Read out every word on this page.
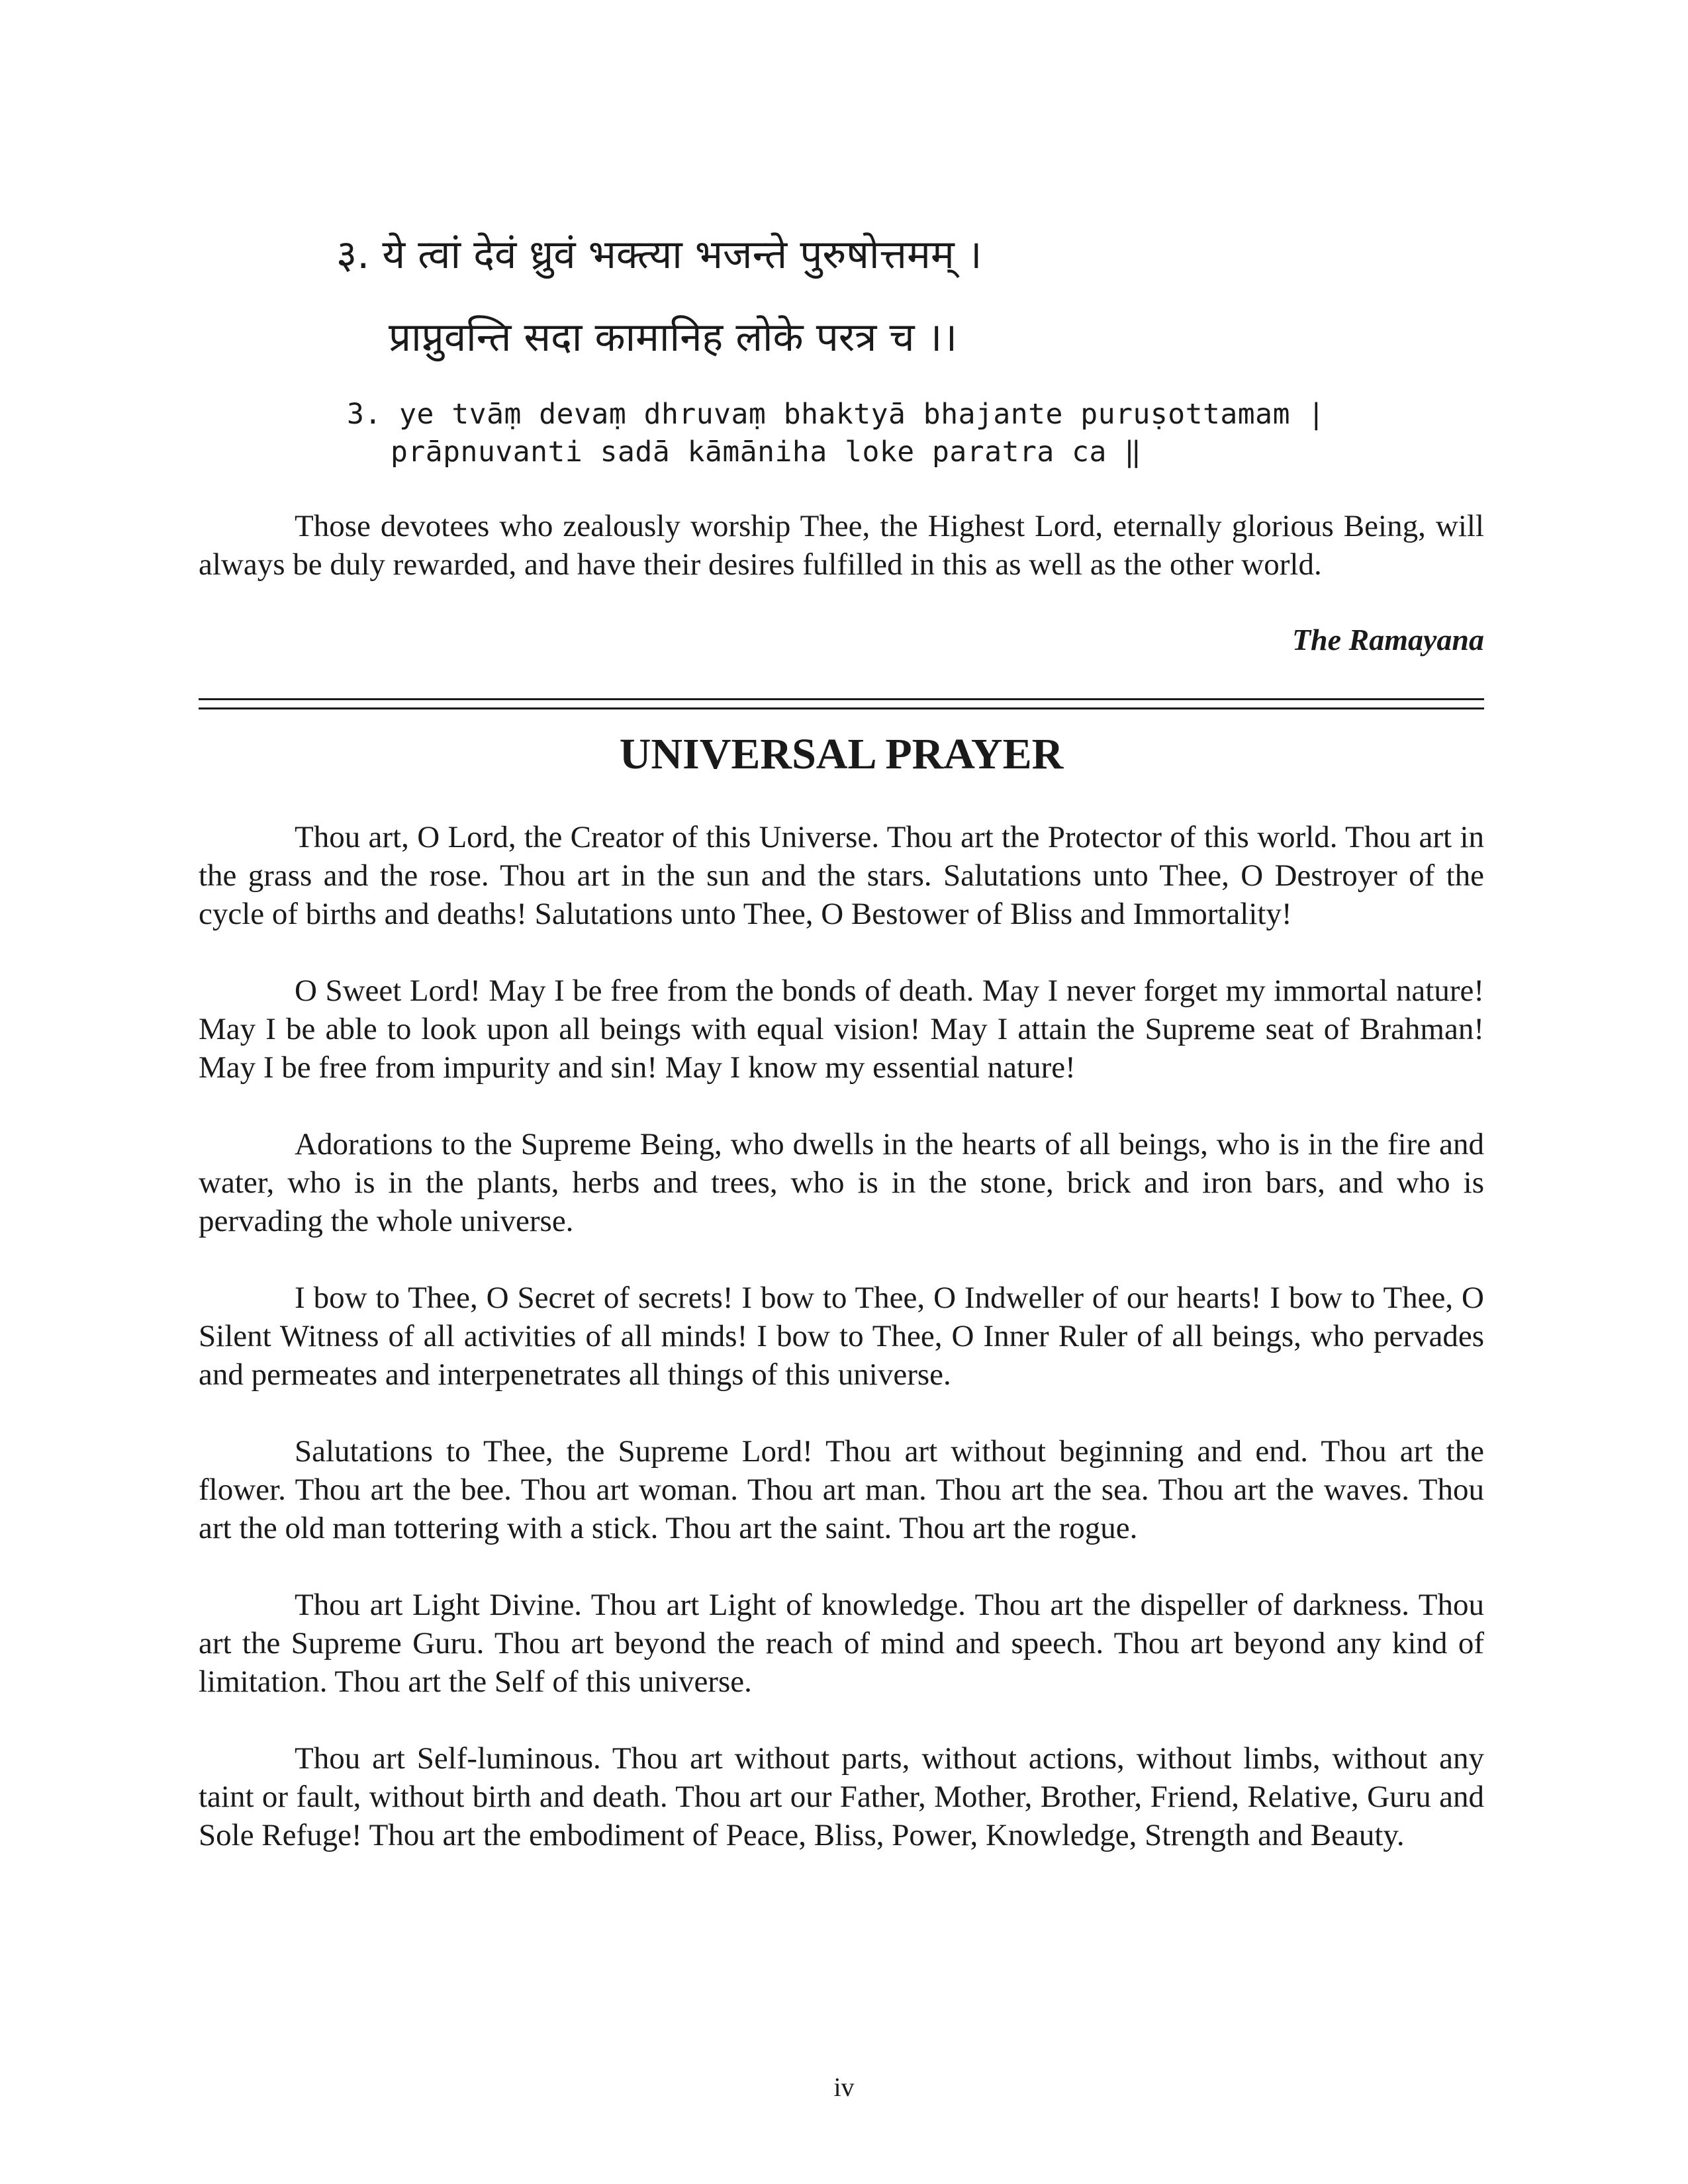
३. ये त्वां देवं ध्रुवं भक्त्या भजन्ते पुरुषोत्तमम् ।
प्राप्नुवन्ति सदा कामानिह लोके परत्र च ।।
3. ye tvāṃ devaṃ dhruvaṃ bhaktyā bhajante puruṣottamam |
prāpnuvanti sadā kāmāniha loke paratra ca ‖

Those devotees who zealously worship Thee, the Highest Lord, eternally glorious Being, will always be duly rewarded, and have their desires fulfilled in this as well as the other world.

The Ramayana
UNIVERSAL PRAYER

Thou art, O Lord, the Creator of this Universe. Thou art the Protector of this world. Thou art in the grass and the rose. Thou art in the sun and the stars. Salutations unto Thee, O Destroyer of the cycle of births and deaths! Salutations unto Thee, O Bestower of Bliss and Immortality!

O Sweet Lord! May I be free from the bonds of death. May I never forget my immortal nature! May I be able to look upon all beings with equal vision! May I attain the Supreme seat of Brahman! May I be free from impurity and sin! May I know my essential nature!

Adorations to the Supreme Being, who dwells in the hearts of all beings, who is in the fire and water, who is in the plants, herbs and trees, who is in the stone, brick and iron bars, and who is pervading the whole universe.

I bow to Thee, O Secret of secrets! I bow to Thee, O Indweller of our hearts! I bow to Thee, O Silent Witness of all activities of all minds! I bow to Thee, O Inner Ruler of all beings, who pervades and permeates and interpenetrates all things of this universe.

Salutations to Thee, the Supreme Lord! Thou art without beginning and end. Thou art the flower. Thou art the bee. Thou art woman. Thou art man. Thou art the sea. Thou art the waves. Thou art the old man tottering with a stick. Thou art the saint. Thou art the rogue.

Thou art Light Divine. Thou art Light of knowledge. Thou art the dispeller of darkness. Thou art the Supreme Guru. Thou art beyond the reach of mind and speech. Thou art beyond any kind of limitation. Thou art the Self of this universe.

Thou art Self-luminous. Thou art without parts, without actions, without limbs, without any taint or fault, without birth and death. Thou art our Father, Mother, Brother, Friend, Relative, Guru and Sole Refuge! Thou art the embodiment of Peace, Bliss, Power, Knowledge, Strength and Beauty.

iv
